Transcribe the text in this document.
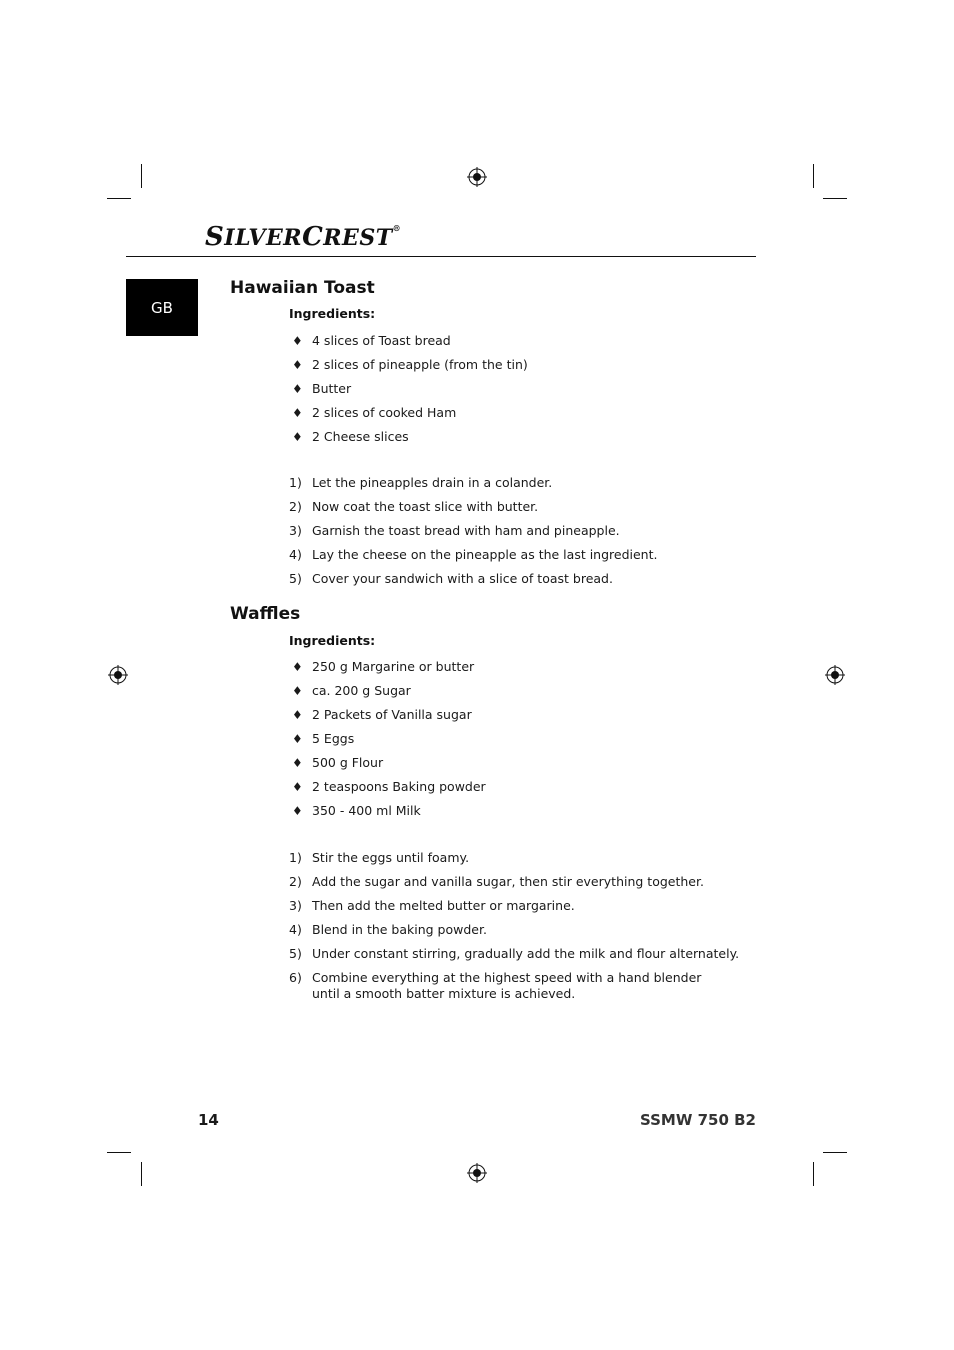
SILVERCREST®
GB
Hawaiian Toast
Ingredients:
♦ 4 slices of Toast bread
♦ 2 slices of pineapple (from the tin)
♦ Butter
♦ 2 slices of cooked Ham
♦ 2 Cheese slices
1) Let the pineapples drain in a colander.
2) Now coat the toast slice with butter.
3) Garnish the toast bread with ham and pineapple.
4) Lay the cheese on the pineapple as the last ingredient.
5) Cover your sandwich with a slice of toast bread.
Waffles
Ingredients:
♦ 250 g Margarine or butter
♦ ca. 200 g Sugar
♦ 2 Packets of Vanilla sugar
♦ 5 Eggs
♦ 500 g Flour
♦ 2 teaspoons Baking powder
♦ 350 - 400 ml Milk
1) Stir the eggs until foamy.
2) Add the sugar and vanilla sugar, then stir everything together.
3) Then add the melted butter or margarine.
4) Blend in the baking powder.
5) Under constant stirring, gradually add the milk and flour alternately.
6) Combine everything at the highest speed with a hand blender until a smooth batter mixture is achieved.
14	SSMW 750 B2
